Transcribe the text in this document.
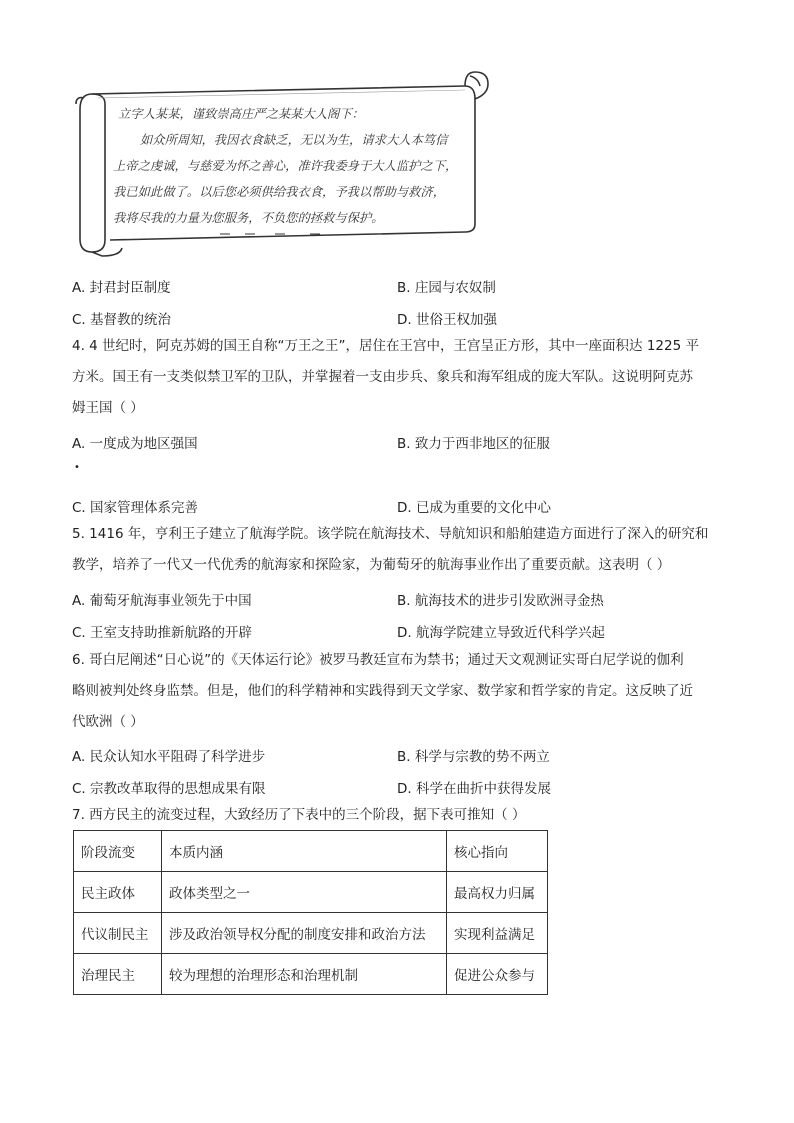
立字人某某，谨致崇高庄严之某某大人阁下：
如众所周知，我因衣食缺乏，无以为生，请求大人本笃信
上帝之虔诚，与慈爱为怀之善心，准许我委身于大人监护之下，
我已如此做了。以后您必须供给我衣食，予我以帮助与救济，
我将尽我的力量为您服务，不负您的拯救与保护。
A. 封君封臣制度	B. 庄园与农奴制
C. 基督教的统治	D. 世俗王权加强
4. 4 世纪时，阿克苏姆的国王自称“万王之王”，居住在王宫中，王宫呈正方形，其中一座面积达 1225 平
方米。国王有一支类似禁卫军的卫队，并掌握着一支由步兵、象兵和海军组成的庞大军队。这说明阿克苏
姆王国（ ）
A. 一度成为地区强国	B. 致力于西非地区的征服
•
C. 国家管理体系完善	D. 已成为重要的文化中心
5. 1416 年，亨利王子建立了航海学院。该学院在航海技术、导航知识和船舶建造方面进行了深入的研究和
教学，培养了一代又一代优秀的航海家和探险家，为葡萄牙的航海事业作出了重要贡献。这表明（ ）
A. 葡萄牙航海事业领先于中国	B. 航海技术的进步引发欧洲寻金热
C. 王室支持助推新航路的开辟	D. 航海学院建立导致近代科学兴起
6. 哥白尼阐述“日心说”的《天体运行论》被罗马教廷宣布为禁书；通过天文观测证实哥白尼学说的伽利
略则被判处终身监禁。但是，他们的科学精神和实践得到天文学家、数学家和哲学家的肯定。这反映了近
代欧洲（ ）
A. 民众认知水平阻碍了科学进步	B. 科学与宗教的势不两立
C. 宗教改革取得的思想成果有限	D. 科学在曲折中获得发展
7. 西方民主的流变过程，大致经历了下表中的三个阶段，据下表可推知（ ）
阶段流变	本质内涵	核心指向
民主政体	政体类型之一	最高权力归属
代议制民主	涉及政治领导权分配的制度安排和政治方法	实现利益满足
治理民主	较为理想的治理形态和治理机制	促进公众参与
